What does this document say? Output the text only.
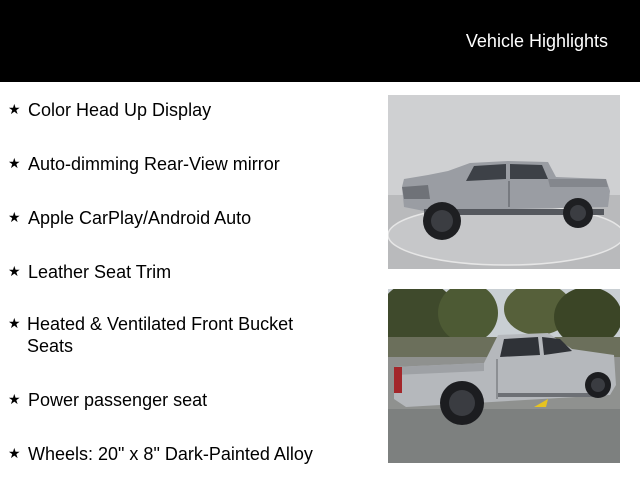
Vehicle Highlights
★ Color Head Up Display
★ Auto-dimming Rear-View mirror
★ Apple CarPlay/Android Auto
★ Leather Seat Trim
★ Heated & Ventilated Front Bucket Seats
★ Power passenger seat
★ Wheels: 20" x 8" Dark-Painted Alloy
